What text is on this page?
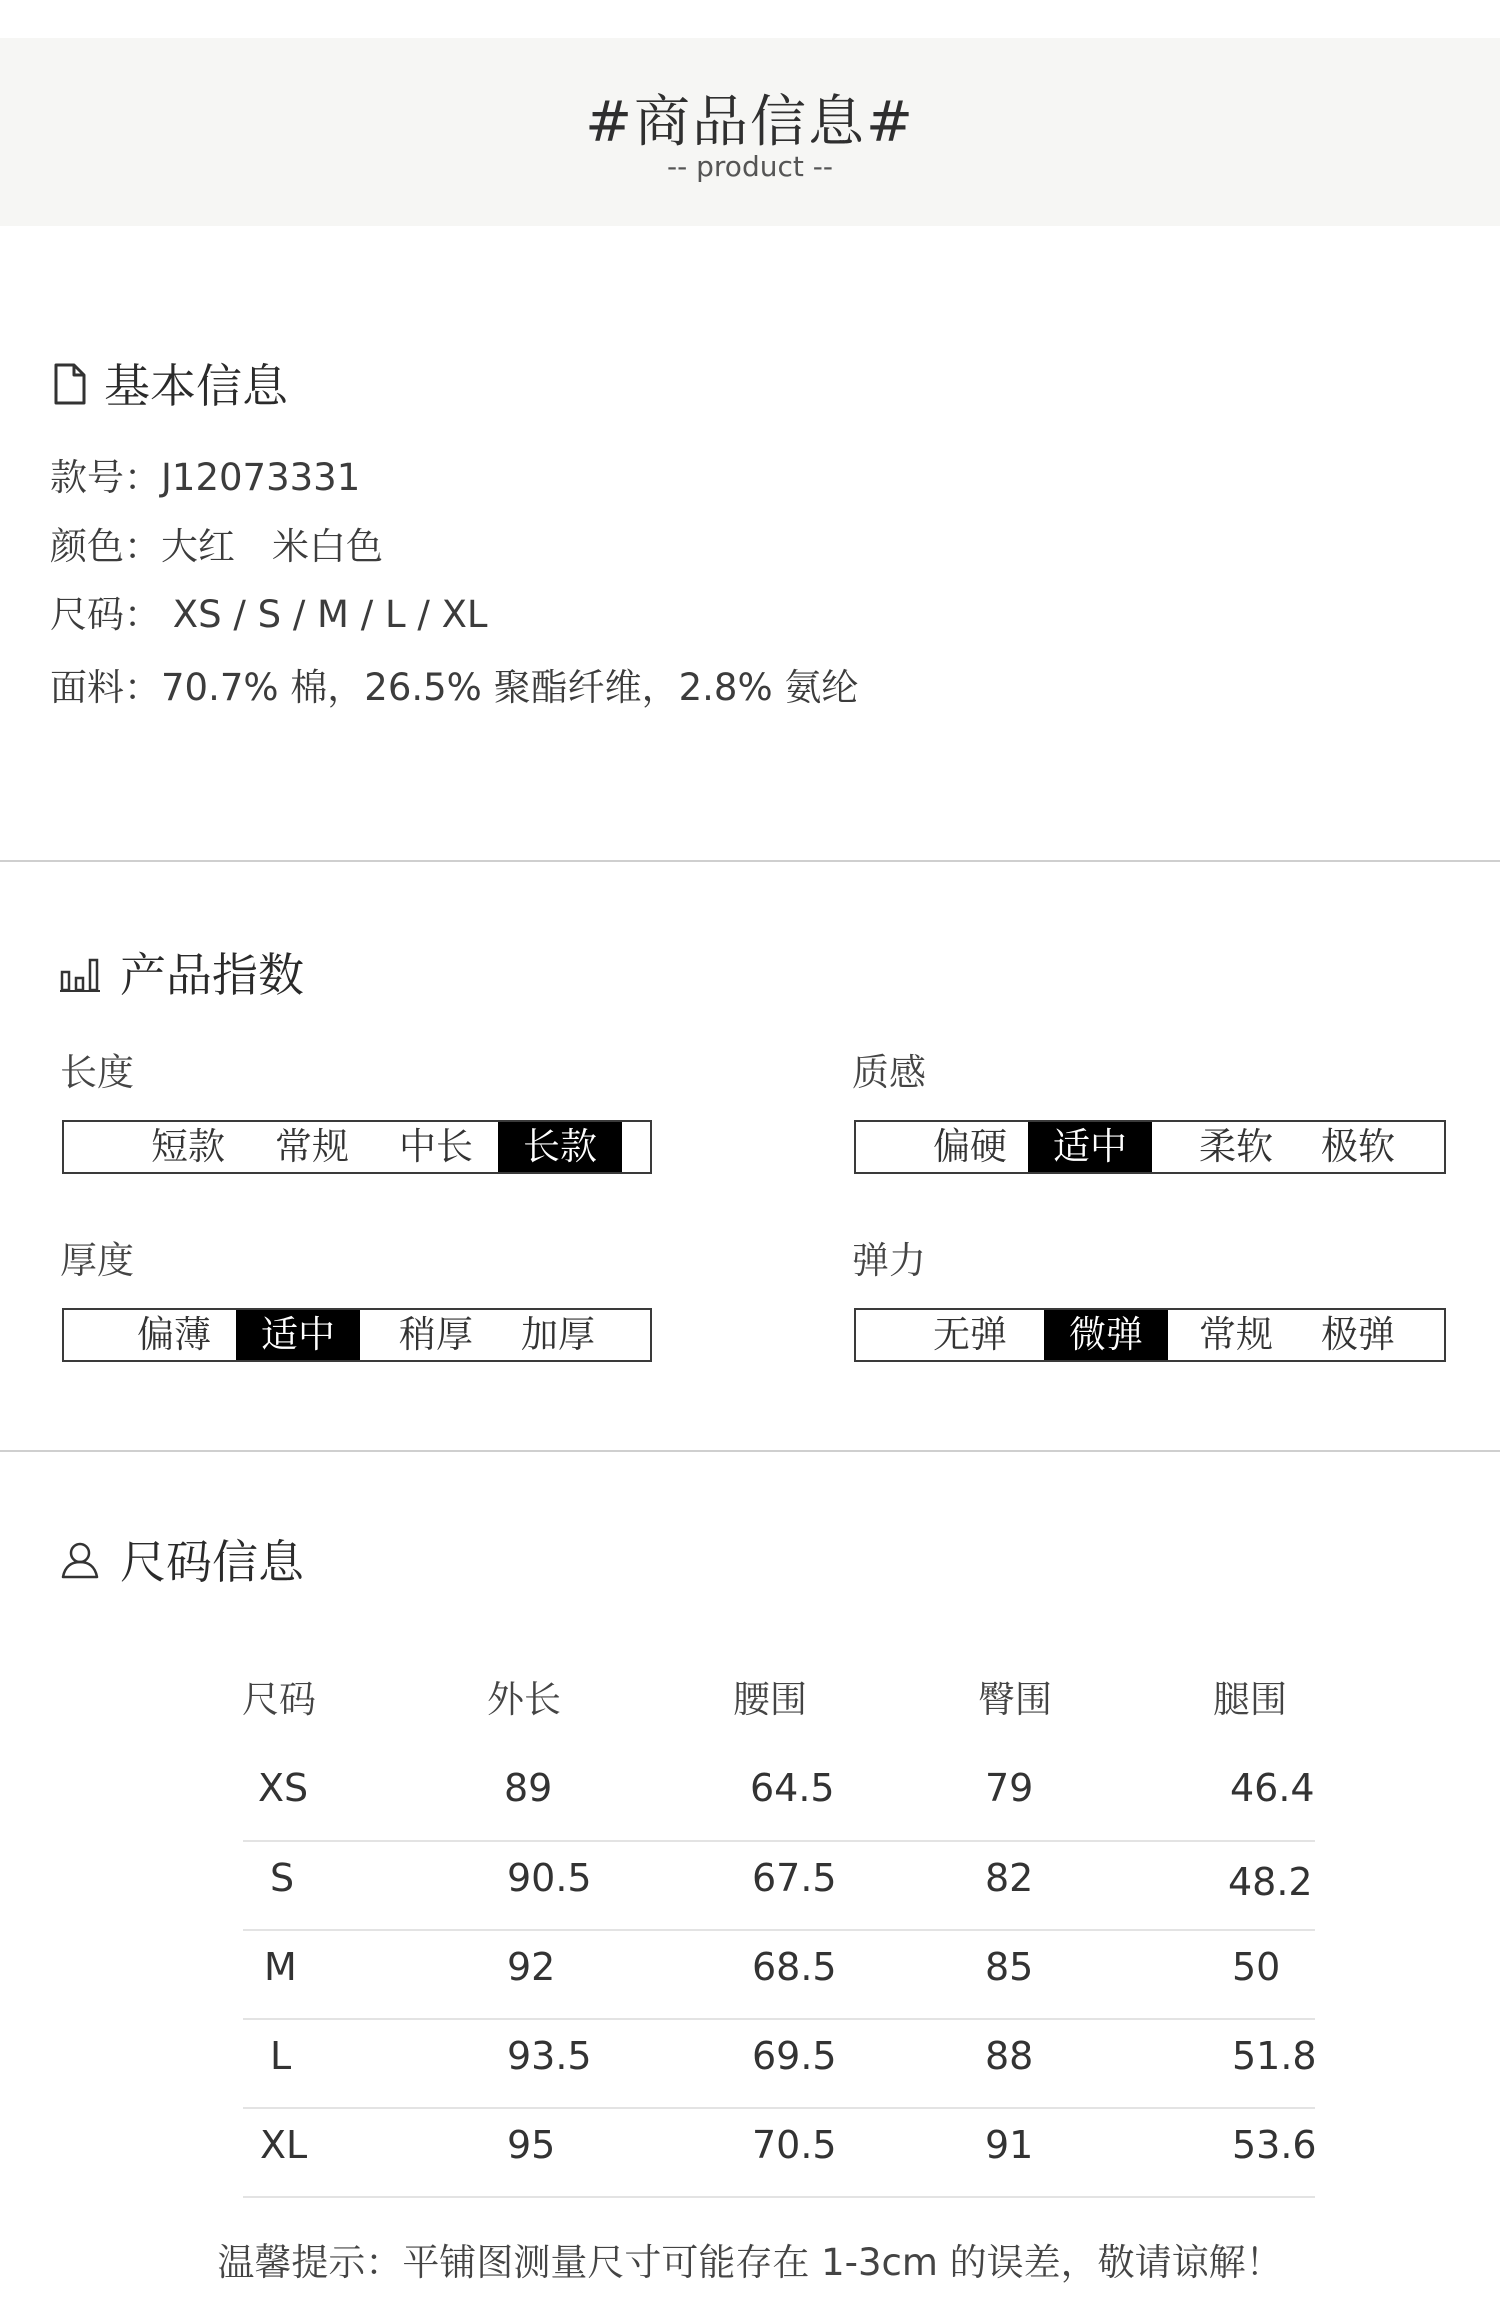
#商品信息#
-- product --
基本信息
款号：J12073331
颜色：大红　米白色
尺码： XS / S / M / L / XL
面料：70.7% 棉，26.5% 聚酯纤维，2.8% 氨纶
产品指数
长度
短款	常规	中长	长款
质感
偏硬	适中	柔软	极软
厚度
偏薄	适中	稍厚	加厚
弹力
无弹	微弹	常规	极弹
尺码信息
尺码	外长	腰围	臀围	腿围
XS	89	64.5	79	46.4
S	90.5	67.5	82	48.2
M	92	68.5	85	50
L	93.5	69.5	88	51.8
XL	95	70.5	91	53.6
温馨提示：平铺图测量尺寸可能存在 1-3cm 的误差，敬请谅解！
